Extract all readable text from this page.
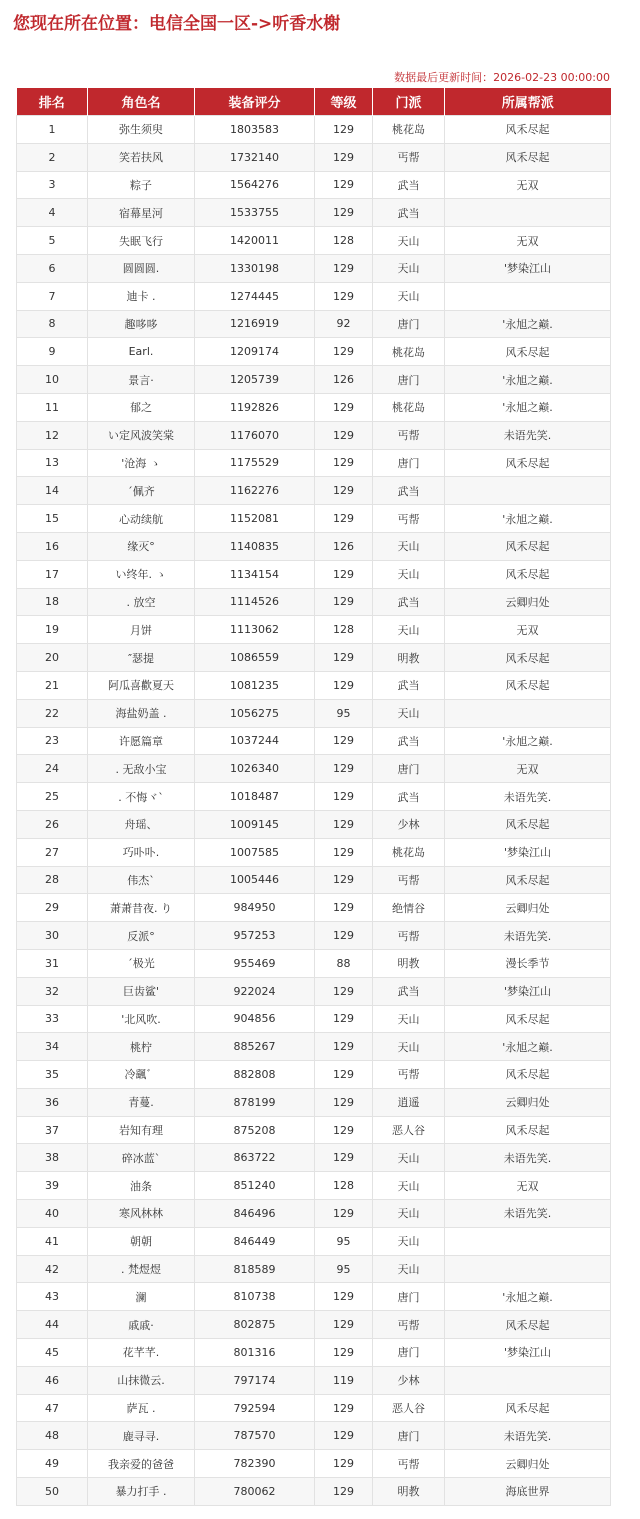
您现在所在位置：电信全国一区->听香水榭
数据最后更新时间：2026-02-23 00:00:00
排名	角色名	装备评分	等级	门派	所属帮派
1	弥生须臾	1803583	129	桃花岛	风禾尽起
2	笑若扶风	1732140	129	丐帮	风禾尽起
3	粽子	1564276	129	武当	无双
4	宿幕星河	1533755	129	武当	
5	失眠飞行	1420011	128	天山	无双
6	圆圆圆.	1330198	129	天山	'梦染江山
7	迪卡 .	1274445	129	天山	
8	趣哆哆	1216919	92	唐门	'永旭之巅.
9	Earl.	1209174	129	桃花岛	风禾尽起
10	景言·	1205739	126	唐门	'永旭之巅.
11	郁之	1192826	129	桃花岛	'永旭之巅.
12	い定风波笑棠	1176070	129	丐帮	未语先笑.
13	'沧海 ゝ	1175529	129	唐门	风禾尽起
14	´佩齐	1162276	129	武当	
15	心动续航	1152081	129	丐帮	'永旭之巅.
16	缘灭°	1140835	126	天山	风禾尽起
17	い终年. ゝ	1134154	129	天山	风禾尽起
18	. 放空	1114526	129	武当	云卿归处
19	月饼	1113062	128	天山	无双
20	″瑟提	1086559	129	明教	风禾尽起
21	阿瓜喜歡夏天	1081235	129	武当	风禾尽起
22	海盐奶盖 .	1056275	95	天山	
23	许愿篇章	1037244	129	武当	'永旭之巅.
24	. 无敌小宝	1026340	129	唐门	无双
25	. 不悔ヾ`	1018487	129	武当	未语先笑.
26	舟瑶、	1009145	129	少林	风禾尽起
27	巧卟卟.	1007585	129	桃花岛	'梦染江山
28	伟杰`	1005446	129	丐帮	风禾尽起
29	萧萧昔夜. り	984950	129	绝情谷	云卿归处
30	反派°	957253	129	丐帮	未语先笑.
31	´极光	955469	88	明教	漫长季节
32	巨齿鲨'	922024	129	武当	'梦染江山
33	'北风吹.	904856	129	天山	风禾尽起
34	桃柠	885267	129	天山	'永旭之巅.
35	冷颻゛	882808	129	丐帮	风禾尽起
36	青蔓.	878199	129	逍遥	云卿归处
37	岩知有理	875208	129	恶人谷	风禾尽起
38	碎冰蓝`	863722	129	天山	未语先笑.
39	油条	851240	128	天山	无双
40	寒风林林	846496	129	天山	未语先笑.
41	朝朝	846449	95	天山	
42	. 梵煜煜	818589	95	天山	
43	澜	810738	129	唐门	'永旭之巅.
44	戚戚·	802875	129	丐帮	风禾尽起
45	花芊芊.	801316	129	唐门	'梦染江山
46	山抹微云.	797174	119	少林	
47	萨瓦 .	792594	129	恶人谷	风禾尽起
48	鹿寻寻.	787570	129	唐门	未语先笑.
49	我亲爱的爸爸	782390	129	丐帮	云卿归处
50	暴力打手 .	780062	129	明教	海底世界
